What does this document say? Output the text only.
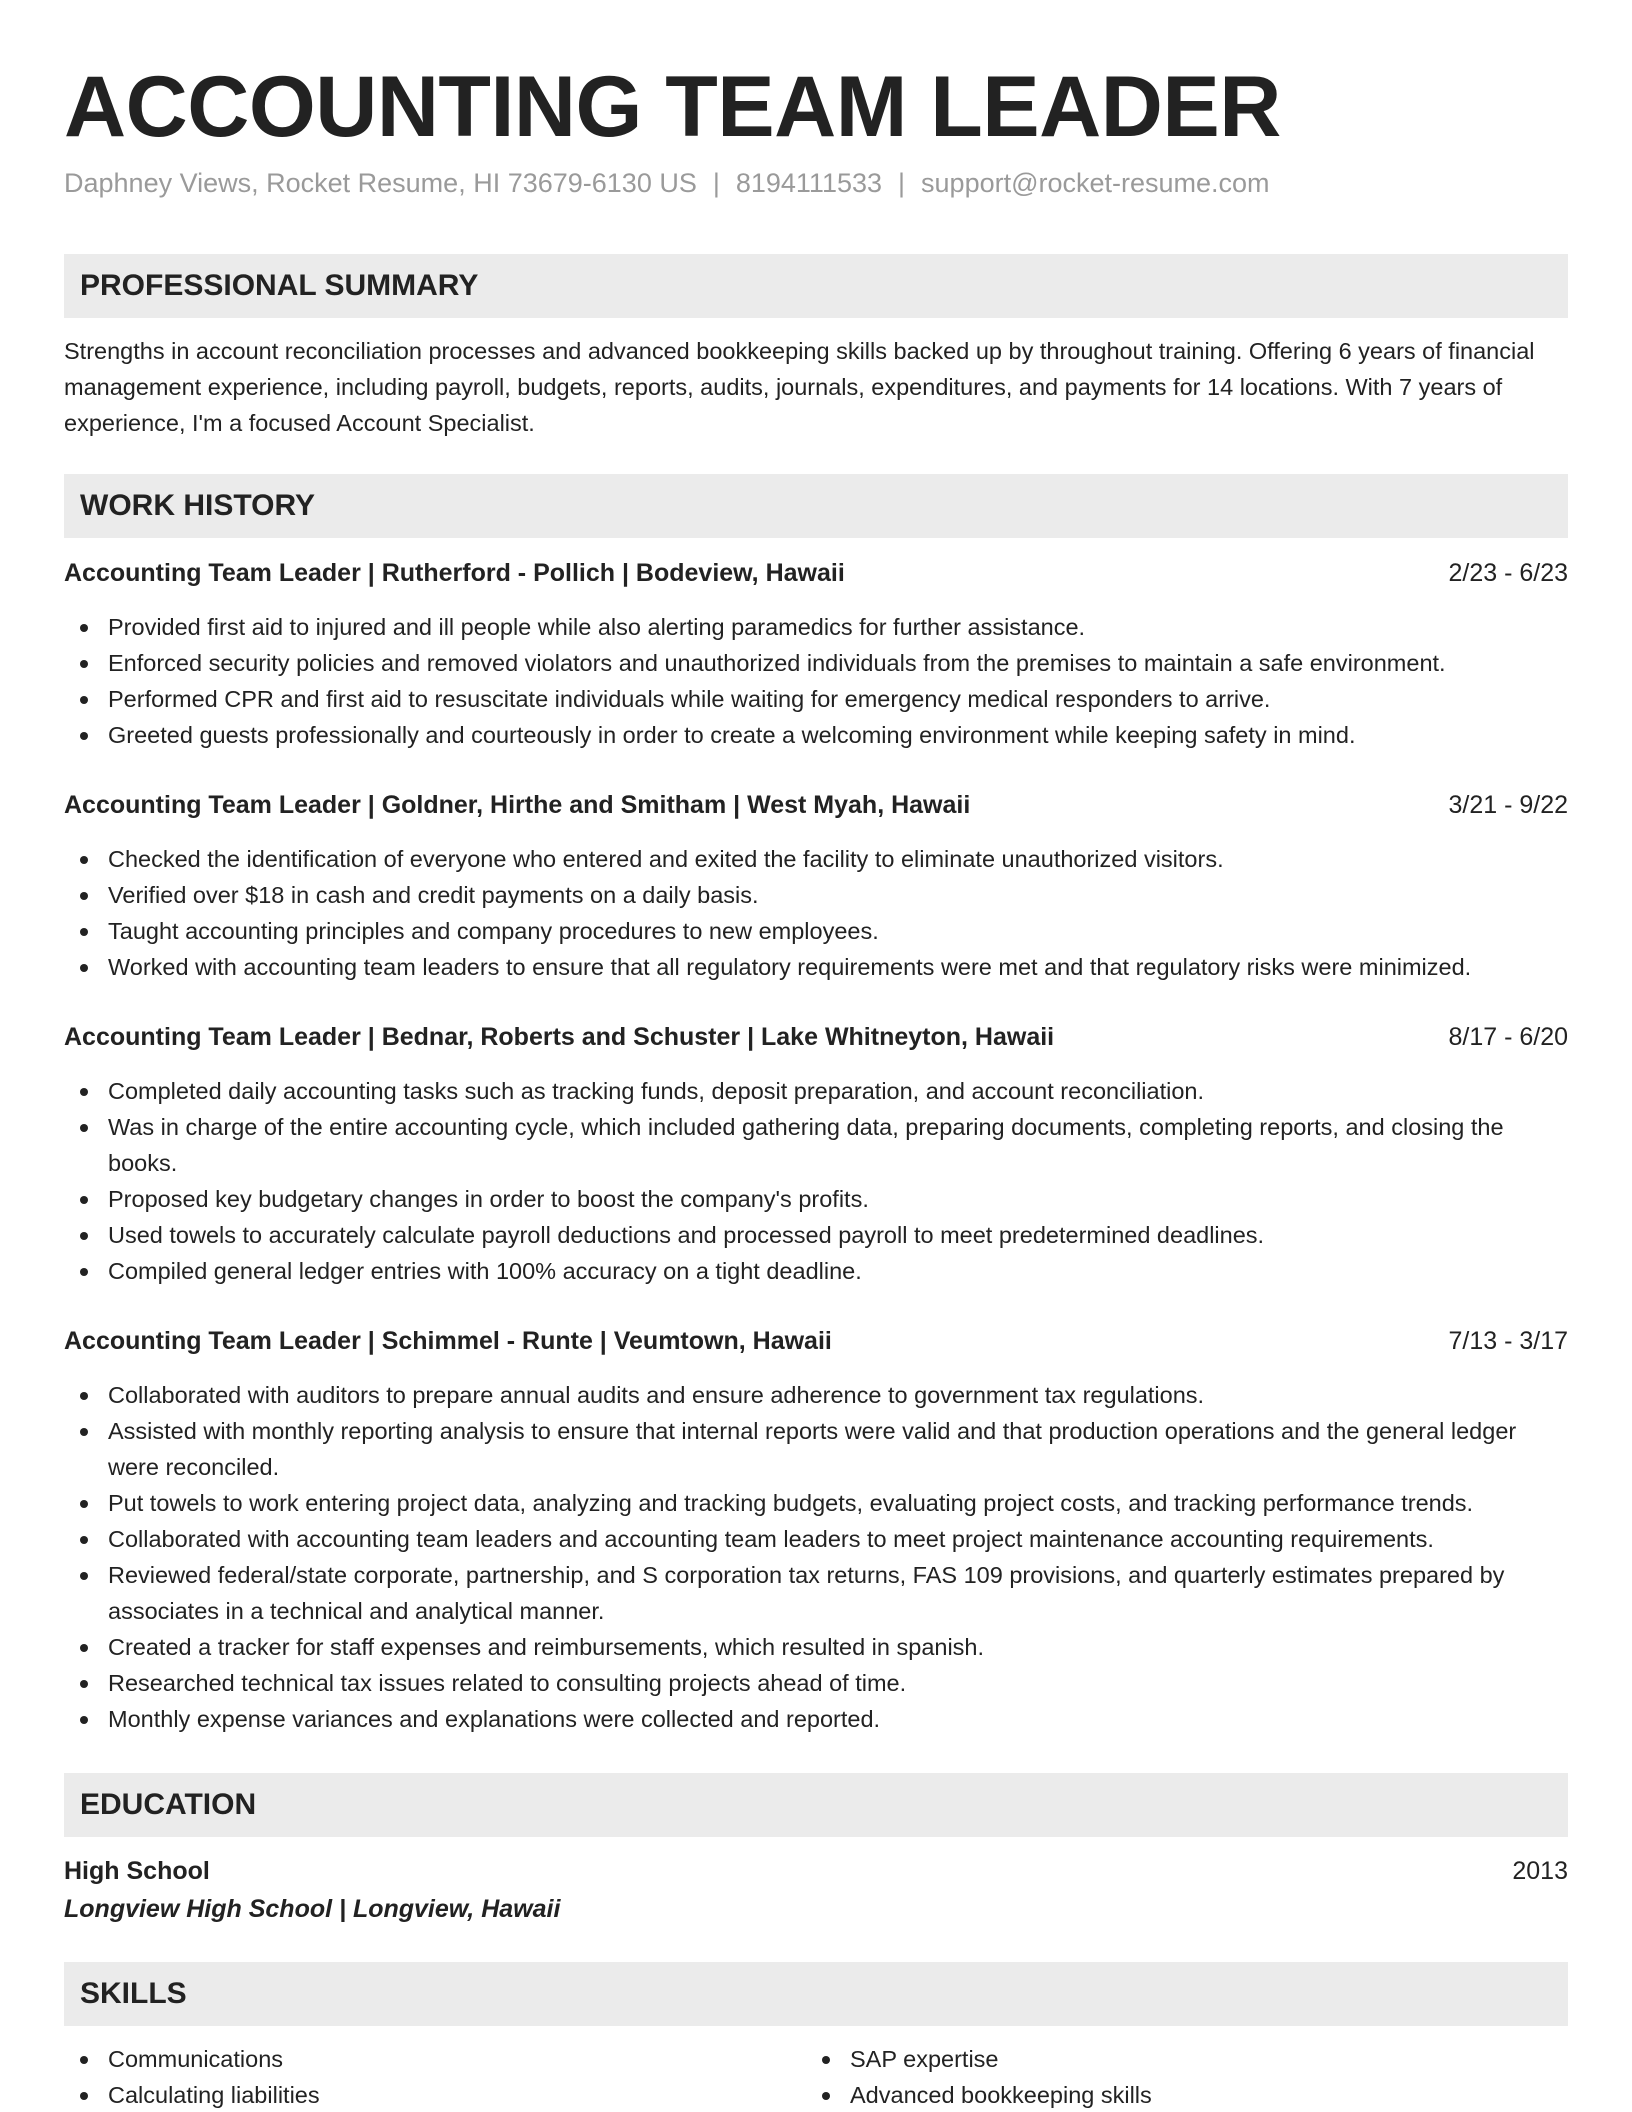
ACCOUNTING TEAM LEADER
Daphney Views, Rocket Resume, HI 73679-6130 US | 8194111533 | support@rocket-resume.com
PROFESSIONAL SUMMARY
Strengths in account reconciliation processes and advanced bookkeeping skills backed up by throughout training. Offering 6 years of financial management experience, including payroll, budgets, reports, audits, journals, expenditures, and payments for 14 locations. With 7 years of experience, I'm a focused Account Specialist.
WORK HISTORY
Accounting Team Leader | Rutherford - Pollich | Bodeview, Hawaii	2/23 - 6/23
Provided first aid to injured and ill people while also alerting paramedics for further assistance.
Enforced security policies and removed violators and unauthorized individuals from the premises to maintain a safe environment.
Performed CPR and first aid to resuscitate individuals while waiting for emergency medical responders to arrive.
Greeted guests professionally and courteously in order to create a welcoming environment while keeping safety in mind.
Accounting Team Leader | Goldner, Hirthe and Smitham | West Myah, Hawaii	3/21 - 9/22
Checked the identification of everyone who entered and exited the facility to eliminate unauthorized visitors.
Verified over $18 in cash and credit payments on a daily basis.
Taught accounting principles and company procedures to new employees.
Worked with accounting team leaders to ensure that all regulatory requirements were met and that regulatory risks were minimized.
Accounting Team Leader | Bednar, Roberts and Schuster | Lake Whitneyton, Hawaii	8/17 - 6/20
Completed daily accounting tasks such as tracking funds, deposit preparation, and account reconciliation.
Was in charge of the entire accounting cycle, which included gathering data, preparing documents, completing reports, and closing the books.
Proposed key budgetary changes in order to boost the company's profits.
Used towels to accurately calculate payroll deductions and processed payroll to meet predetermined deadlines.
Compiled general ledger entries with 100% accuracy on a tight deadline.
Accounting Team Leader | Schimmel - Runte | Veumtown, Hawaii	7/13 - 3/17
Collaborated with auditors to prepare annual audits and ensure adherence to government tax regulations.
Assisted with monthly reporting analysis to ensure that internal reports were valid and that production operations and the general ledger were reconciled.
Put towels to work entering project data, analyzing and tracking budgets, evaluating project costs, and tracking performance trends.
Collaborated with accounting team leaders and accounting team leaders to meet project maintenance accounting requirements.
Reviewed federal/state corporate, partnership, and S corporation tax returns, FAS 109 provisions, and quarterly estimates prepared by associates in a technical and analytical manner.
Created a tracker for staff expenses and reimbursements, which resulted in spanish.
Researched technical tax issues related to consulting projects ahead of time.
Monthly expense variances and explanations were collected and reported.
EDUCATION
High School	2013
Longview High School | Longview, Hawaii
SKILLS
Communications
Calculating liabilities
SAP expertise
Advanced bookkeeping skills
